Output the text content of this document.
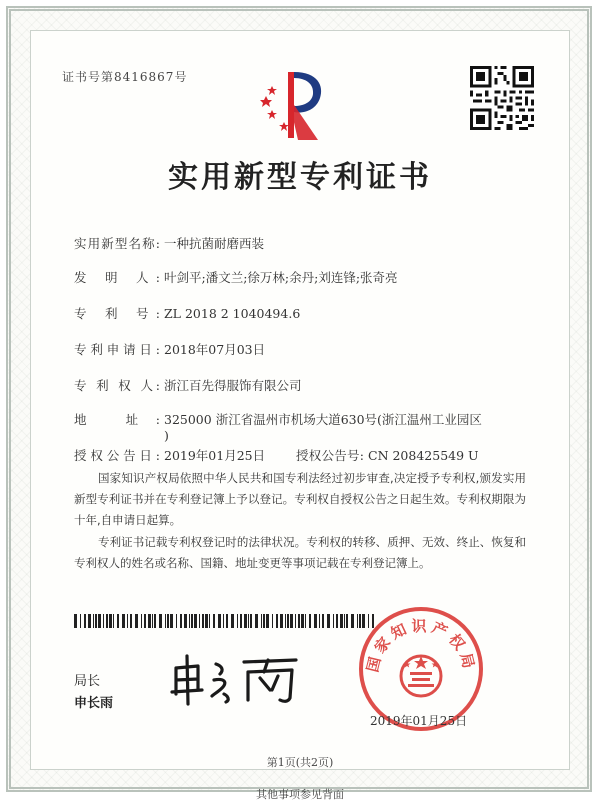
证书号第8416867号
实用新型专利证书
实用新型名称: 一种抗菌耐磨西装
发 明 人: 叶剑平;潘文兰;徐万林;余丹;刘连锋;张奇亮
专 利 号: ZL 2018 2 1040494.6
专利申请日: 2018年07月03日
专 利 权 人: 浙江百先得服饰有限公司
地 址: 325000 浙江省温州市机场大道630号(浙江温州工业园区
)
授权公告日: 2019年01月25日 授权公告号: CN 208425549 U
国家知识产权局依照中华人民共和国专利法经过初步审查,决定授予专利权,颁发实用新型专利证书并在专利登记簿上予以登记。专利权自授权公告之日起生效。专利权期限为十年,自申请日起算。
专利证书记载专利权登记时的法律状况。专利权的转移、质押、无效、终止、恢复和专利权人的姓名或名称、国籍、地址变更等事项记载在专利登记簿上。
局长
申长雨
国家知识产权局
2019年01月25日
第1页(共2页)
其他事项参见背面
